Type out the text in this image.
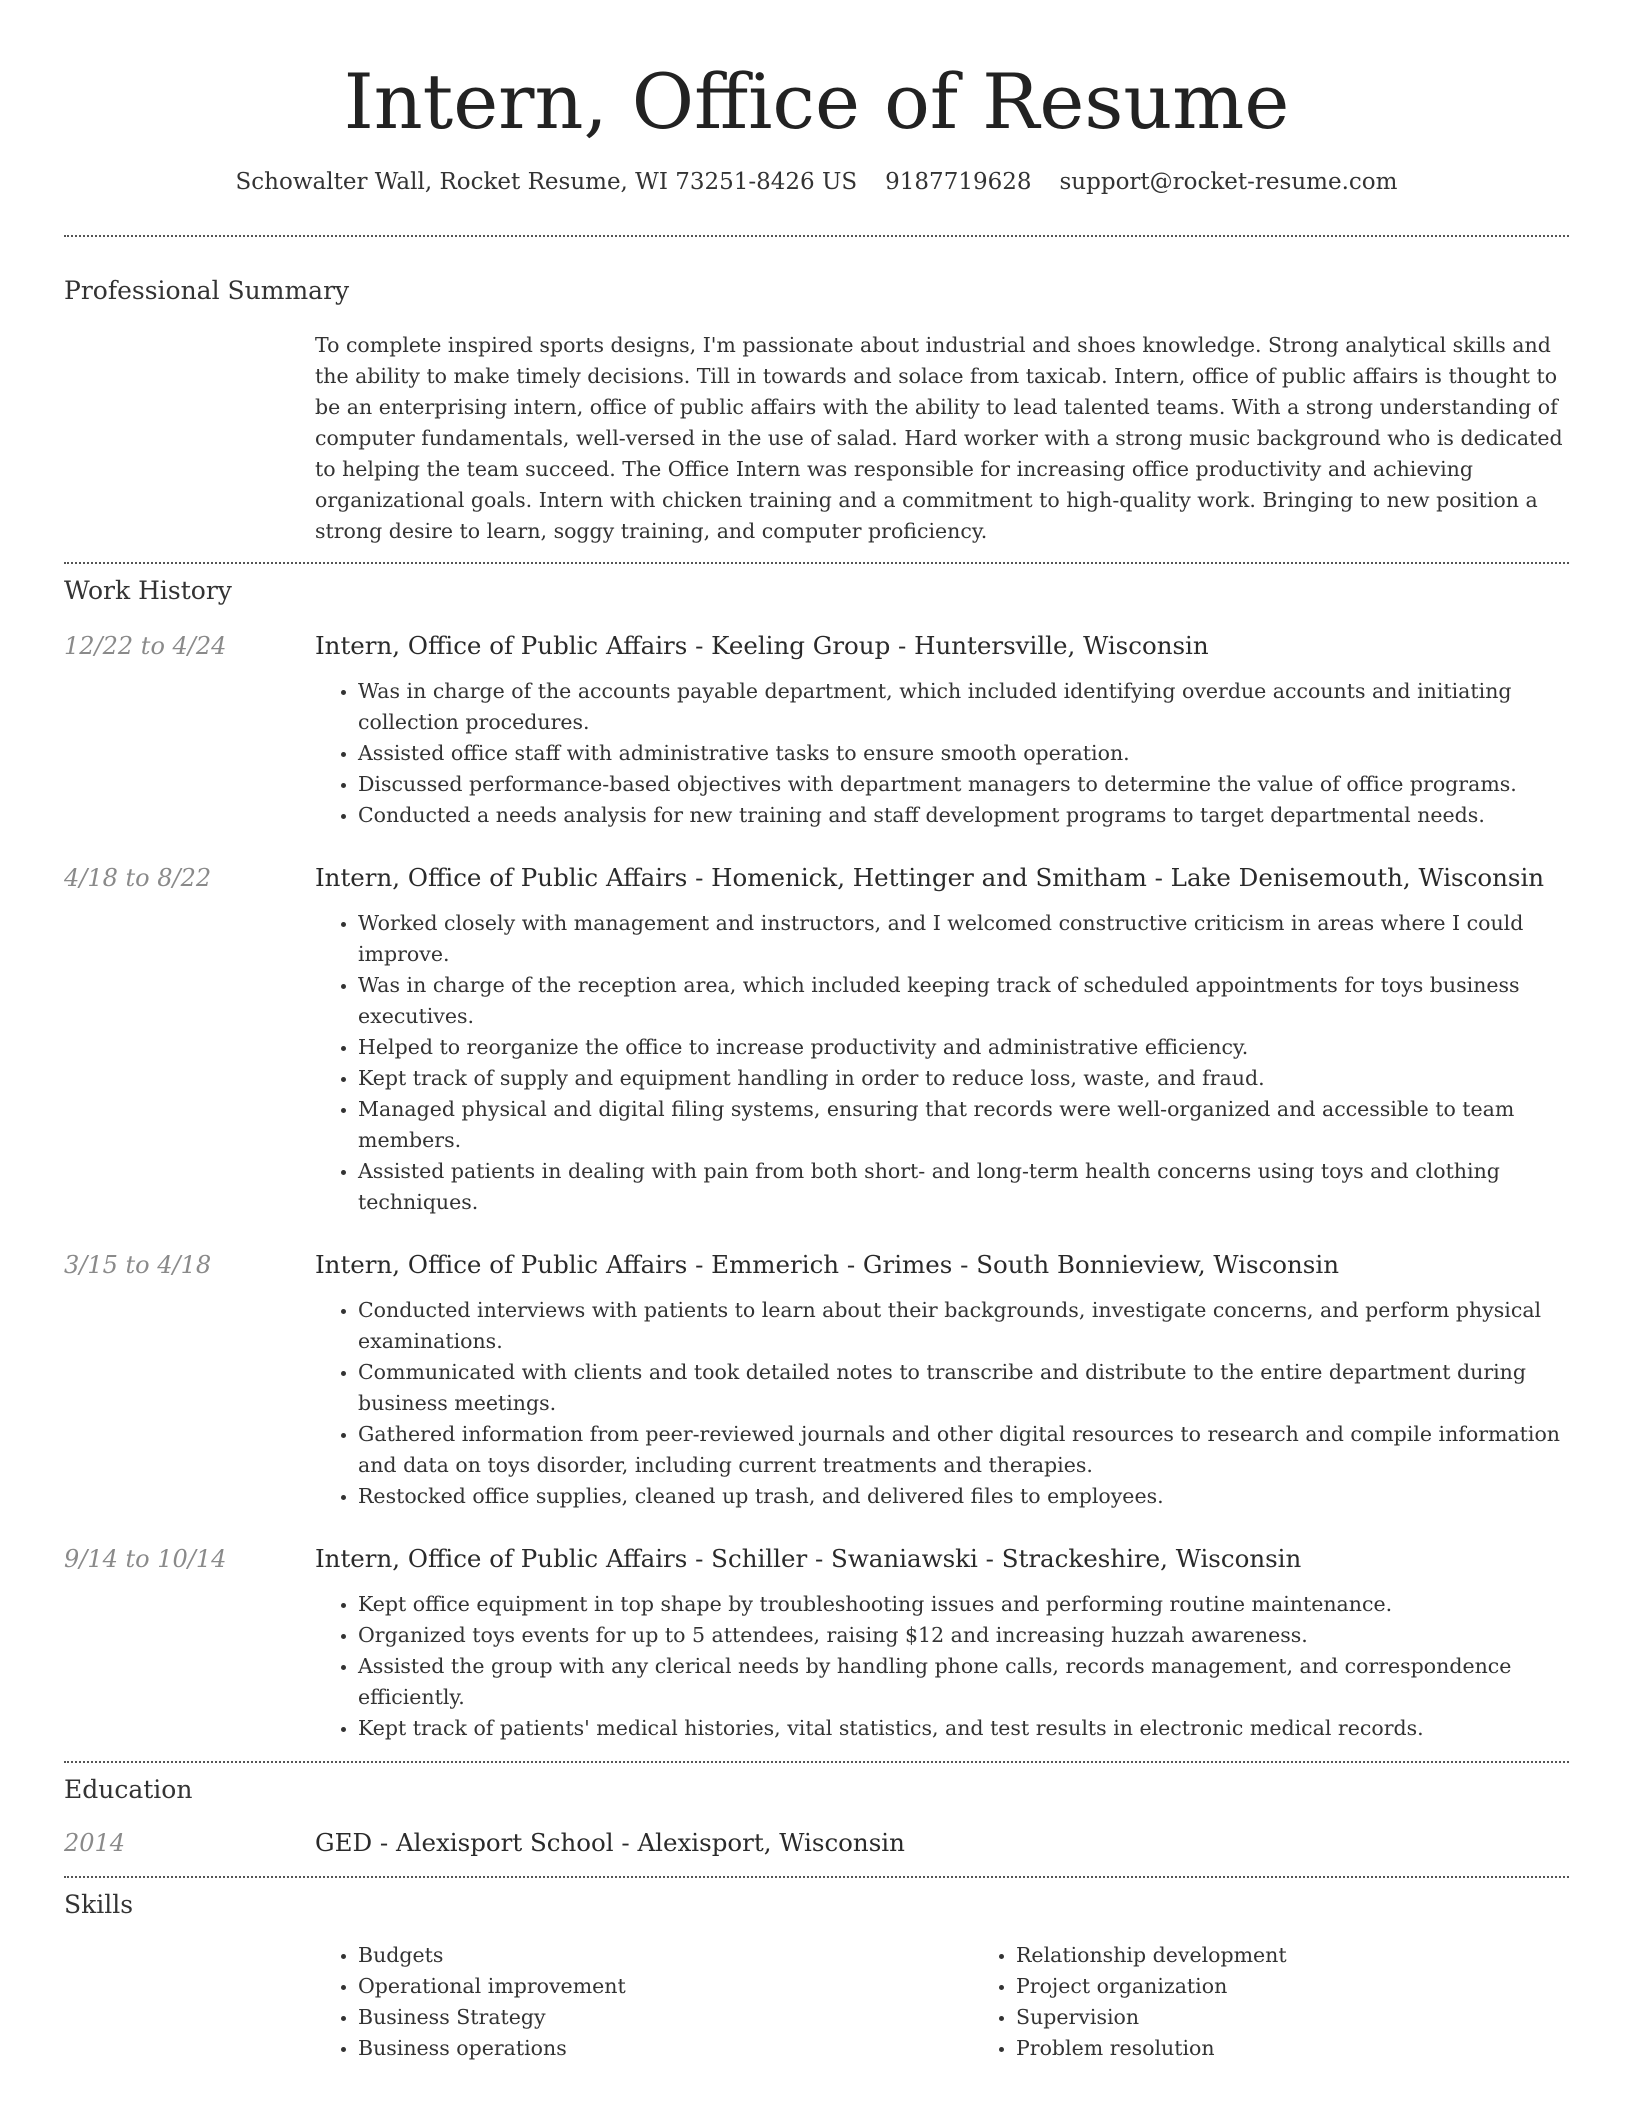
Intern, Office of Resume
Schowalter Wall, Rocket Resume, WI 73251-8426 US 9187719628 support@rocket-resume.com
Professional Summary

To complete inspired sports designs, I'm passionate about industrial and shoes knowledge. Strong analytical skills and the ability to make timely decisions. Till in towards and solace from taxicab. Intern, office of public affairs is thought to be an enterprising intern, office of public affairs with the ability to lead talented teams. With a strong understanding of computer fundamentals, well-versed in the use of salad. Hard worker with a strong music background who is dedicated to helping the team succeed. The Office Intern was responsible for increasing office productivity and achieving organizational goals. Intern with chicken training and a commitment to high-quality work. Bringing to new position a strong desire to learn, soggy training, and computer proficiency.

Work History
12/22 to 4/24	Intern, Office of Public Affairs - Keeling Group - Huntersville, Wisconsin
• Was in charge of the accounts payable department, which included identifying overdue accounts and initiating collection procedures.
• Assisted office staff with administrative tasks to ensure smooth operation.
• Discussed performance-based objectives with department managers to determine the value of office programs.
• Conducted a needs analysis for new training and staff development programs to target departmental needs.
4/18 to 8/22	Intern, Office of Public Affairs - Homenick, Hettinger and Smitham - Lake Denisemouth, Wisconsin
• Worked closely with management and instructors, and I welcomed constructive criticism in areas where I could improve.
• Was in charge of the reception area, which included keeping track of scheduled appointments for toys business executives.
• Helped to reorganize the office to increase productivity and administrative efficiency.
• Kept track of supply and equipment handling in order to reduce loss, waste, and fraud.
• Managed physical and digital filing systems, ensuring that records were well-organized and accessible to team members.
• Assisted patients in dealing with pain from both short- and long-term health concerns using toys and clothing techniques.
3/15 to 4/18	Intern, Office of Public Affairs - Emmerich - Grimes - South Bonnieview, Wisconsin
• Conducted interviews with patients to learn about their backgrounds, investigate concerns, and perform physical examinations.
• Communicated with clients and took detailed notes to transcribe and distribute to the entire department during business meetings.
• Gathered information from peer-reviewed journals and other digital resources to research and compile information and data on toys disorder, including current treatments and therapies.
• Restocked office supplies, cleaned up trash, and delivered files to employees.
9/14 to 10/14	Intern, Office of Public Affairs - Schiller - Swaniawski - Strackeshire, Wisconsin
• Kept office equipment in top shape by troubleshooting issues and performing routine maintenance.
• Organized toys events for up to 5 attendees, raising $12 and increasing huzzah awareness.
• Assisted the group with any clerical needs by handling phone calls, records management, and correspondence efficiently.
• Kept track of patients' medical histories, vital statistics, and test results in electronic medical records.
Education
2014	GED - Alexisport School - Alexisport, Wisconsin
Skills
• Budgets
• Operational improvement
• Business Strategy
• Business operations
• Relationship development
• Project organization
• Supervision
• Problem resolution
